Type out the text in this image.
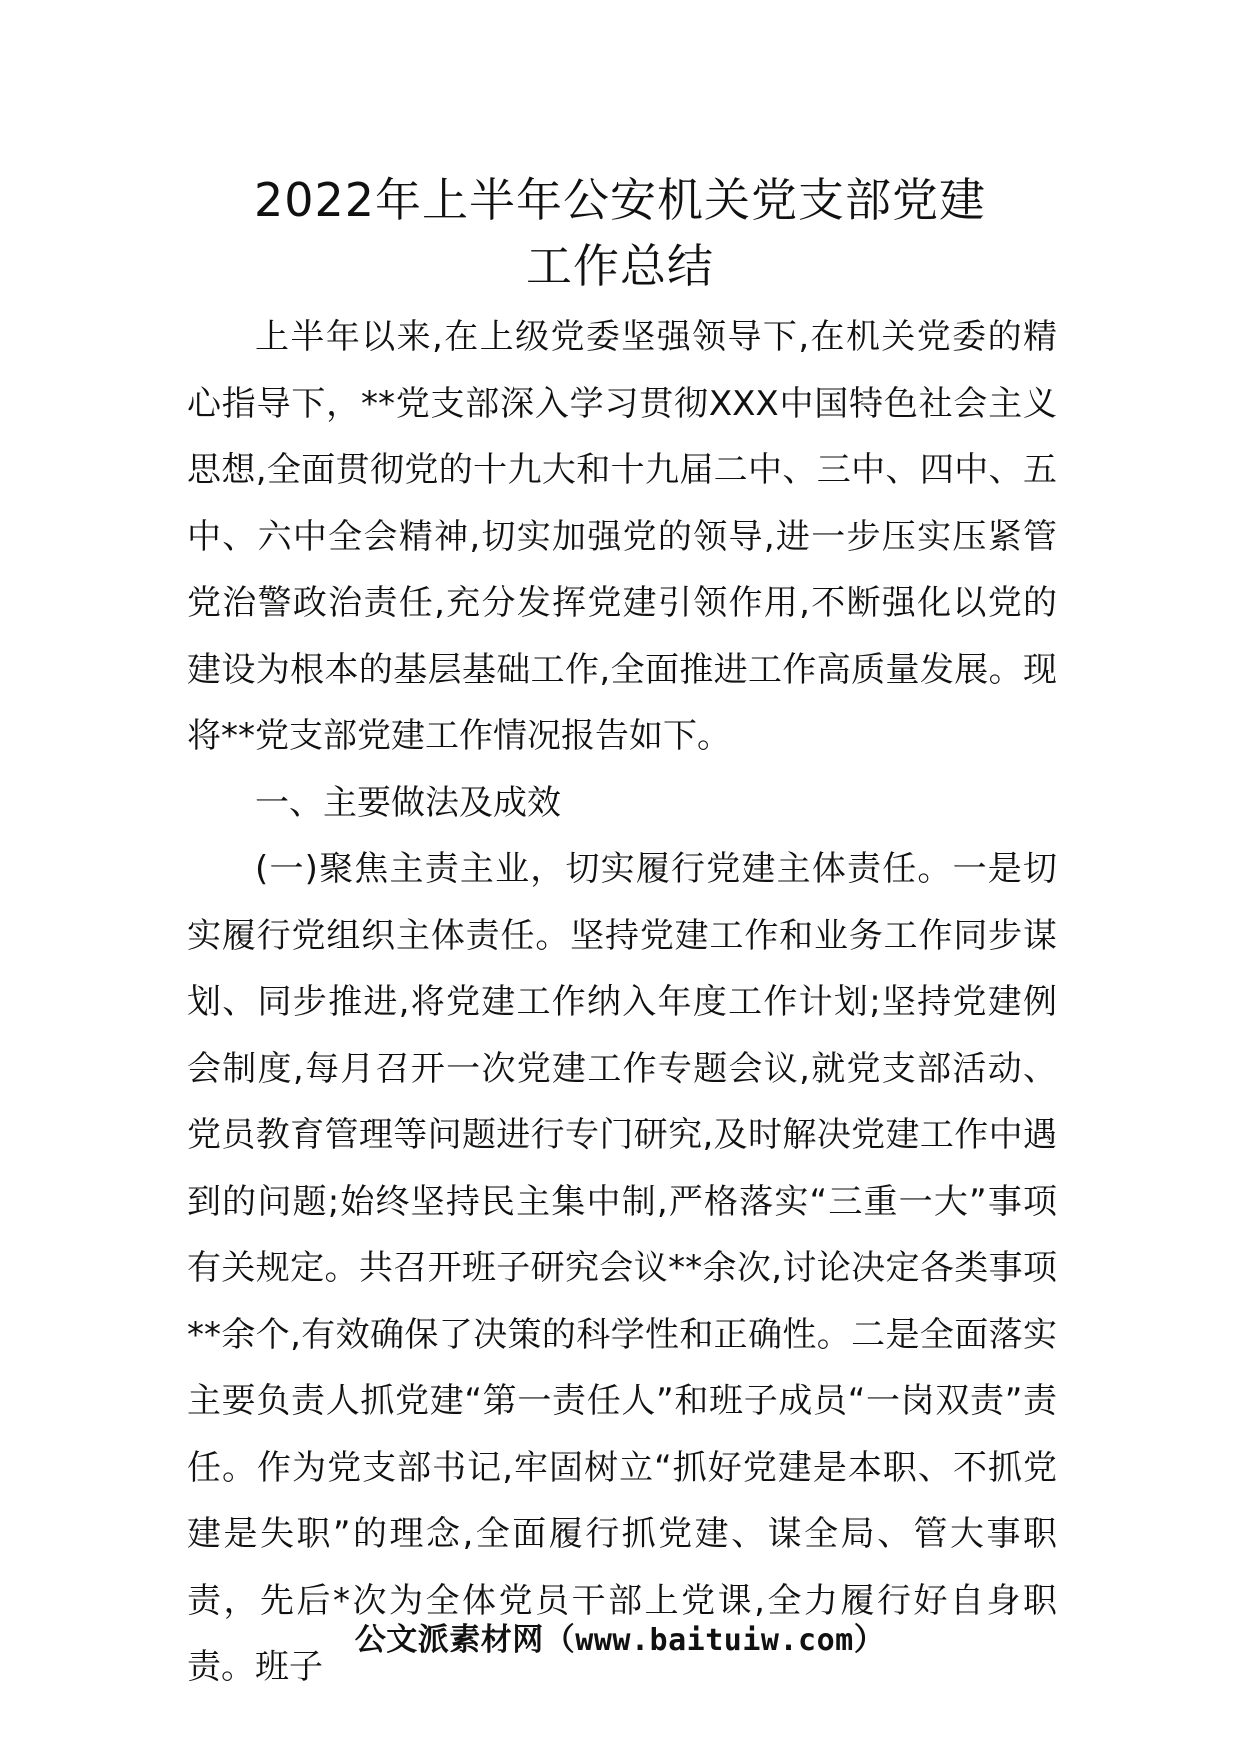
2022年上半年公安机关党支部党建
工作总结

上半年以来,在上级党委坚强领导下,在机关党委的精心指导下，**党支部深入学习贯彻XXX中国特色社会主义思想,全面贯彻党的十九大和十九届二中、三中、四中、五中、六中全会精神,切实加强党的领导,进一步压实压紧管党治警政治责任,充分发挥党建引领作用,不断强化以党的建设为根本的基层基础工作,全面推进工作高质量发展。现将**党支部党建工作情况报告如下。

一、主要做法及成效

(一)聚焦主责主业，切实履行党建主体责任。一是切实履行党组织主体责任。坚持党建工作和业务工作同步谋划、同步推进,将党建工作纳入年度工作计划;坚持党建例会制度,每月召开一次党建工作专题会议,就党支部活动、党员教育管理等问题进行专门研究,及时解决党建工作中遇到的问题;始终坚持民主集中制,严格落实“三重一大”事项有关规定。共召开班子研究会议**余次,讨论决定各类事项**余个,有效确保了决策的科学性和正确性。二是全面落实主要负责人抓党建“第一责任人”和班子成员“一岗双责”责任。作为党支部书记,牢固树立“抓好党建是本职、不抓党建是失职”的理念,全面履行抓党建、谋全局、管大事职责，先后*次为全体党员干部上党课,全力履行好自身职责。班子

公文派素材网（www.baituiw.com）
